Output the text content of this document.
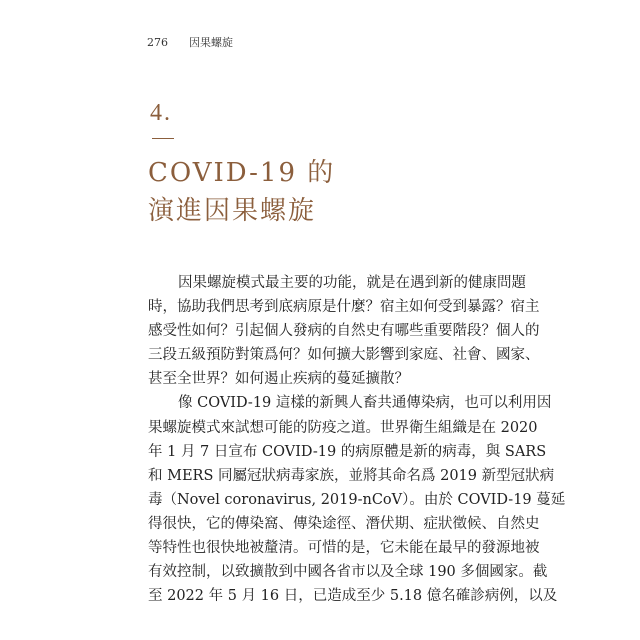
276 因果螺旋
4.
COVID-19 的
演進因果螺旋
因果螺旋模式最主要的功能，就是在遇到新的健康問題
時，協助我們思考到底病原是什麼？宿主如何受到暴露？宿主
感受性如何？引起個人發病的自然史有哪些重要階段？個人的
三段五級預防對策爲何？如何擴大影響到家庭、社會、國家、
甚至全世界？如何遏止疾病的蔓延擴散？
像 COVID-19 這樣的新興人畜共通傳染病，也可以利用因
果螺旋模式來試想可能的防疫之道。世界衛生組織是在 2020
年 1 月 7 日宣布 COVID-19 的病原體是新的病毒，與 SARS
和 MERS 同屬冠狀病毒家族，並將其命名爲 2019 新型冠狀病
毒（Novel coronavirus, 2019-nCoV）。由於 COVID-19 蔓延
得很快，它的傳染窩、傳染途徑、潛伏期、症狀徵候、自然史
等特性也很快地被釐清。可惜的是，它未能在最早的發源地被
有效控制，以致擴散到中國各省市以及全球 190 多個國家。截
至 2022 年 5 月 16 日，已造成至少 5.18 億名確診病例，以及
